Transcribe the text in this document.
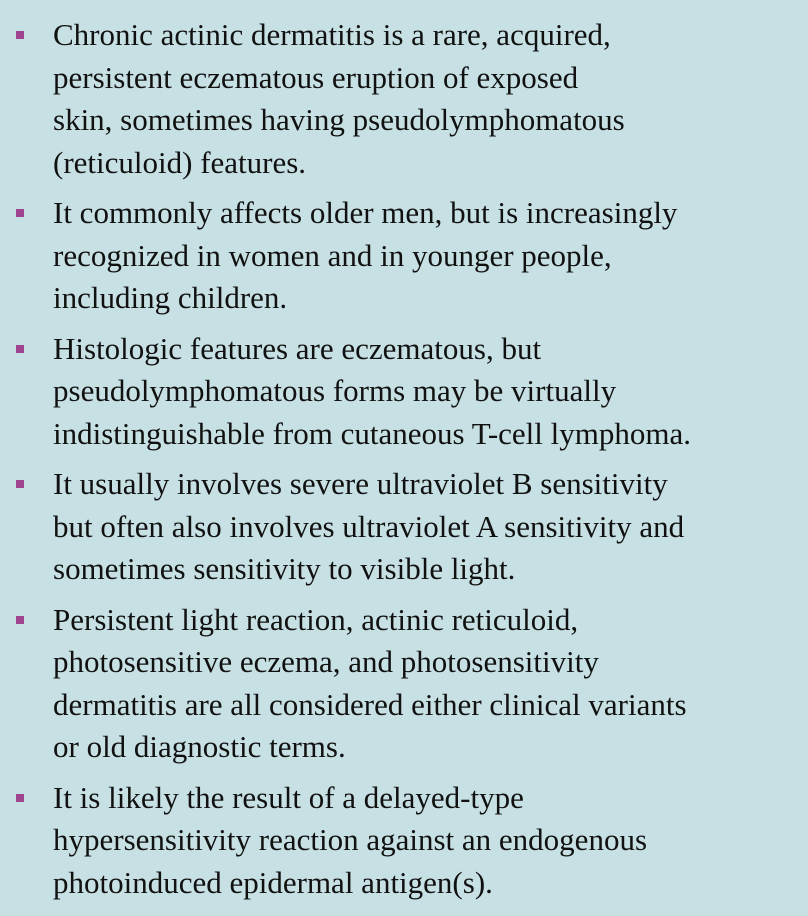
Chronic actinic dermatitis is a rare, acquired,
persistent eczematous eruption of exposed
skin, sometimes having pseudolymphomatous
(reticuloid) features.
It commonly affects older men, but is increasingly
recognized in women and in younger people,
including children.
Histologic features are eczematous, but
pseudolymphomatous forms may be virtually
indistinguishable from cutaneous T-cell lymphoma.
It usually involves severe ultraviolet B sensitivity
but often also involves ultraviolet A sensitivity and
sometimes sensitivity to visible light.
Persistent light reaction, actinic reticuloid,
photosensitive eczema, and photosensitivity
dermatitis are all considered either clinical variants
or old diagnostic terms.
It is likely the result of a delayed-type
hypersensitivity reaction against an endogenous
photoinduced epidermal antigen(s).
